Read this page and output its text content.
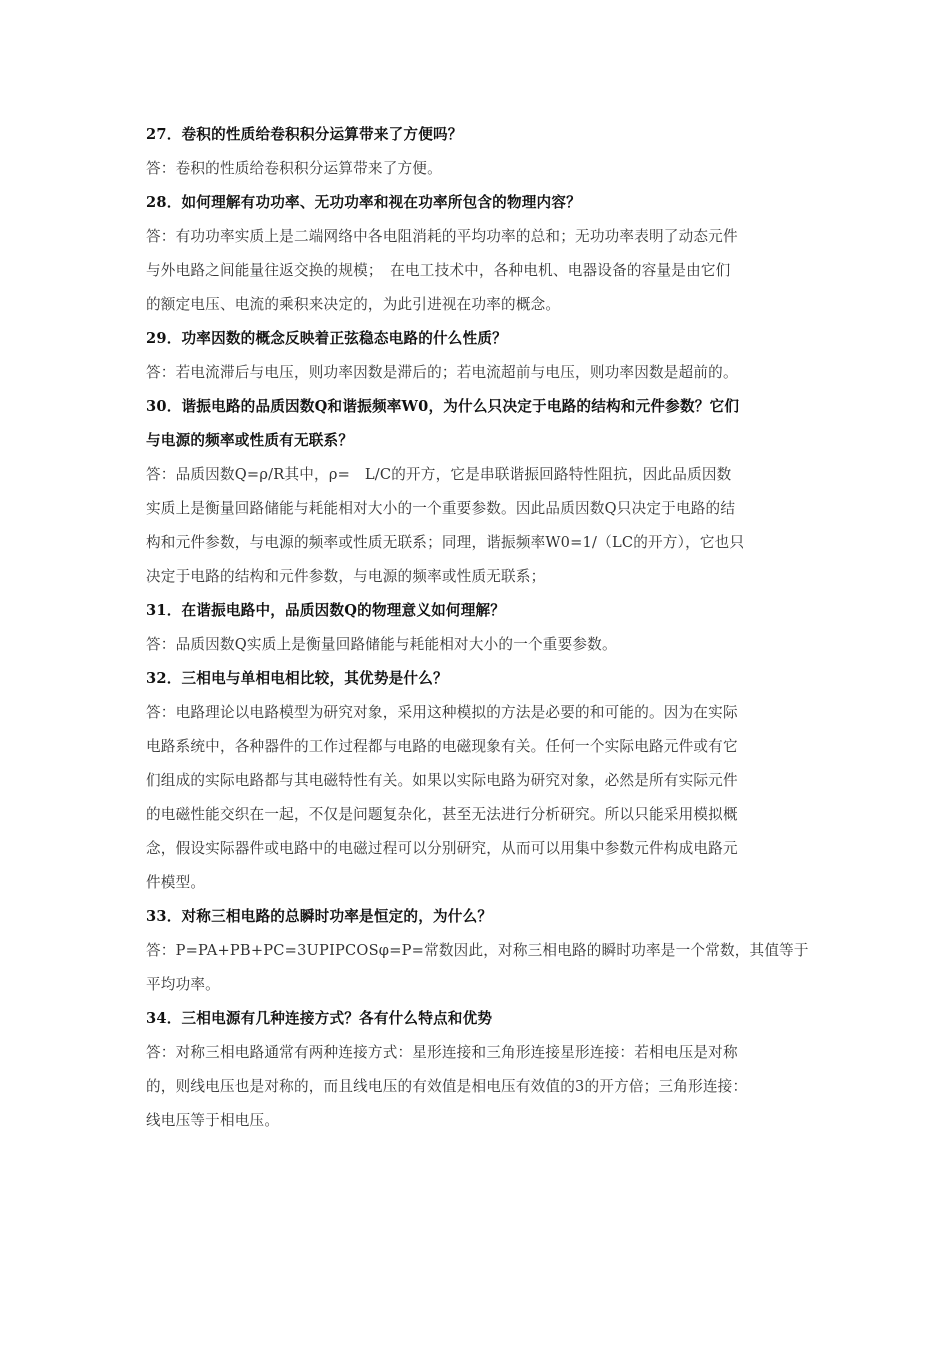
27．卷积的性质给卷积积分运算带来了方便吗？
答：卷积的性质给卷积积分运算带来了方便。
28．如何理解有功功率、无功功率和视在功率所包含的物理内容？
答：有功功率实质上是二端网络中各电阻消耗的平均功率的总和；无功功率表明了动态元件
与外电路之间能量往返交换的规模；　在电工技术中，各种电机、电器设备的容量是由它们
的额定电压、电流的乘积来决定的，为此引进视在功率的概念。
29．功率因数的概念反映着正弦稳态电路的什么性质？
答：若电流滞后与电压，则功率因数是滞后的；若电流超前与电压，则功率因数是超前的。
30．谐振电路的品质因数Q和谐振频率W0，为什么只决定于电路的结构和元件参数？它们
与电源的频率或性质有无联系？
答：品质因数Q=ρ/R其中，ρ=　L/C的开方，它是串联谐振回路特性阻抗，因此品质因数
实质上是衡量回路储能与耗能相对大小的一个重要参数。因此品质因数Q只决定于电路的结
构和元件参数，与电源的频率或性质无联系；同理，谐振频率W0=1/（LC的开方），它也只
决定于电路的结构和元件参数，与电源的频率或性质无联系；
31．在谐振电路中，品质因数Q的物理意义如何理解？
答：品质因数Q实质上是衡量回路储能与耗能相对大小的一个重要参数。
32．三相电与单相电相比较，其优势是什么？
答：电路理论以电路模型为研究对象，采用这种模拟的方法是必要的和可能的。因为在实际
电路系统中，各种器件的工作过程都与电路的电磁现象有关。任何一个实际电路元件或有它
们组成的实际电路都与其电磁特性有关。如果以实际电路为研究对象，必然是所有实际元件
的电磁性能交织在一起，不仅是问题复杂化，甚至无法进行分析研究。所以只能采用模拟概
念，假设实际器件或电路中的电磁过程可以分别研究，从而可以用集中参数元件构成电路元
件模型。
33．对称三相电路的总瞬时功率是恒定的，为什么？
答：P=PA+PB+PC=3UPIPCOSφ=P=常数因此，对称三相电路的瞬时功率是一个常数，其值等于
平均功率。
34．三相电源有几种连接方式？各有什么特点和优势
答：对称三相电路通常有两种连接方式：星形连接和三角形连接星形连接：若相电压是对称
的，则线电压也是对称的，而且线电压的有效值是相电压有效值的3的开方倍；三角形连接：
线电压等于相电压。
